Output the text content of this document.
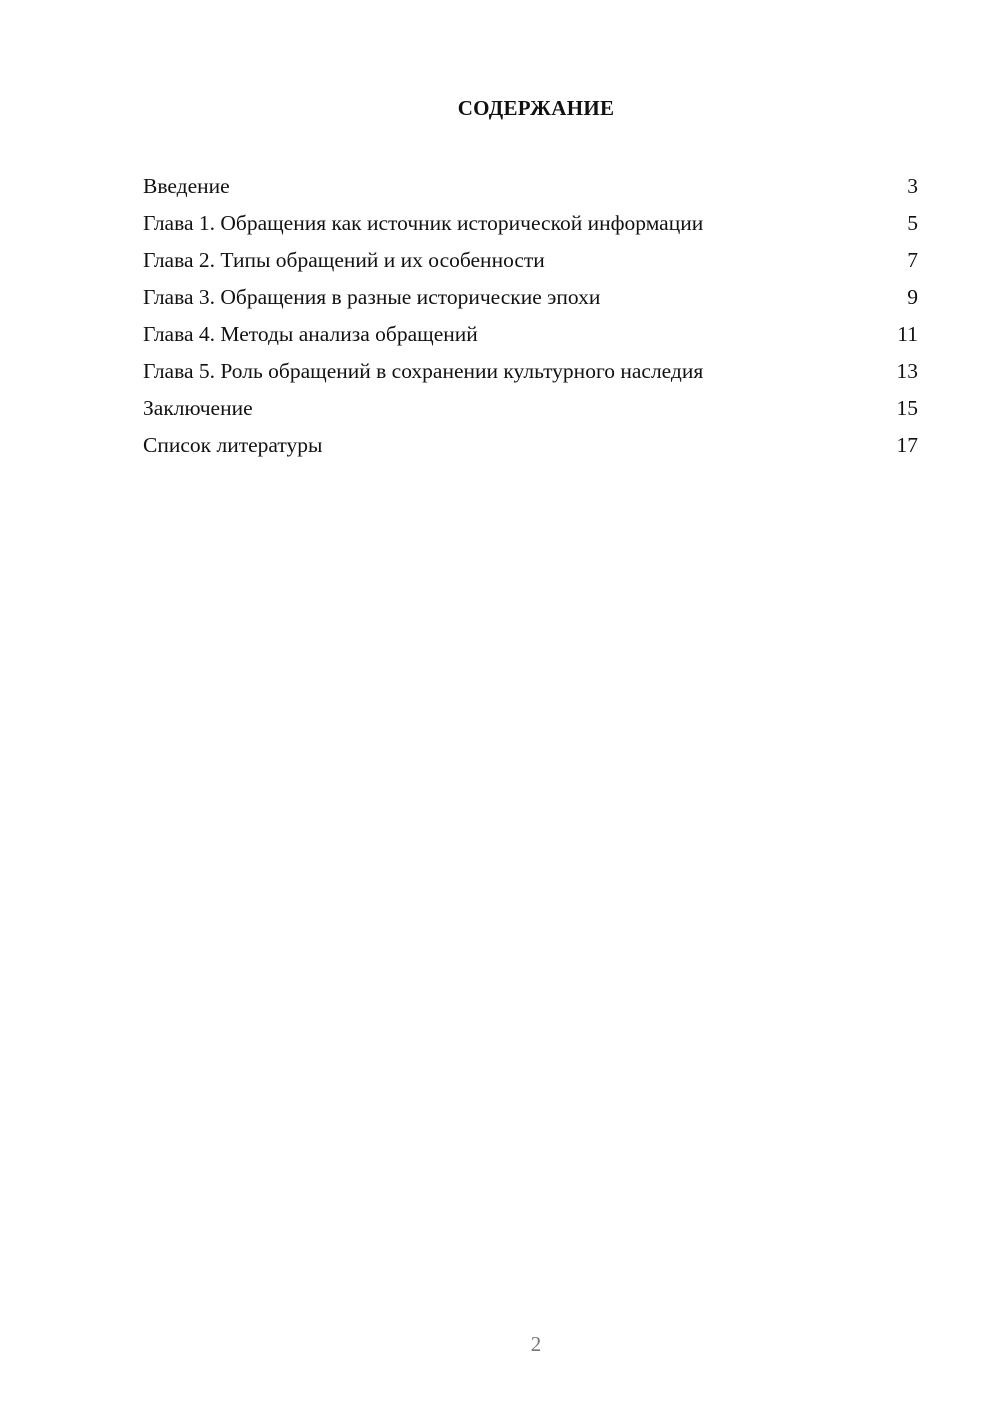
СОДЕРЖАНИЕ
Введение	3
Глава 1. Обращения как источник исторической информации	5
Глава 2. Типы обращений и их особенности	7
Глава 3. Обращения в разные исторические эпохи	9
Глава 4. Методы анализа обращений	11
Глава 5. Роль обращений в сохранении культурного наследия	13
Заключение	15
Список литературы	17
2
